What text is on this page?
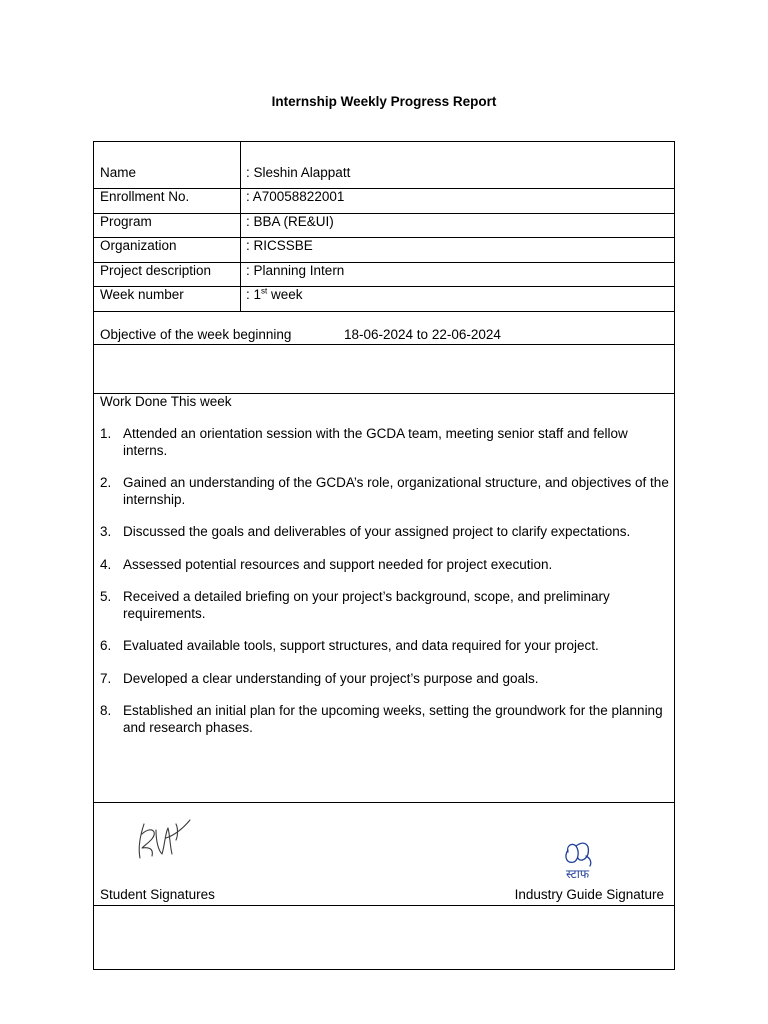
Internship Weekly Progress Report
Name	: Sleshin Alappatt
Enrollment No.	: A70058822001
Program	: BBA (RE&UI)
Organization	: RICSSBE
Project description	: Planning Intern
Week number	: 1st week
Objective of the week beginning	18-06-2024 to 22-06-2024
Work Done This week
1. Attended an orientation session with the GCDA team, meeting senior staff and fellow interns.
2. Gained an understanding of the GCDA’s role, organizational structure, and objectives of the internship.
3. Discussed the goals and deliverables of your assigned project to clarify expectations.
4. Assessed potential resources and support needed for project execution.
5. Received a detailed briefing on your project’s background, scope, and preliminary requirements.
6. Evaluated available tools, support structures, and data required for your project.
7. Developed a clear understanding of your project’s purpose and goals.
8. Established an initial plan for the upcoming weeks, setting the groundwork for the planning and research phases.
स्टाफ
Student Signatures	Industry Guide Signature
